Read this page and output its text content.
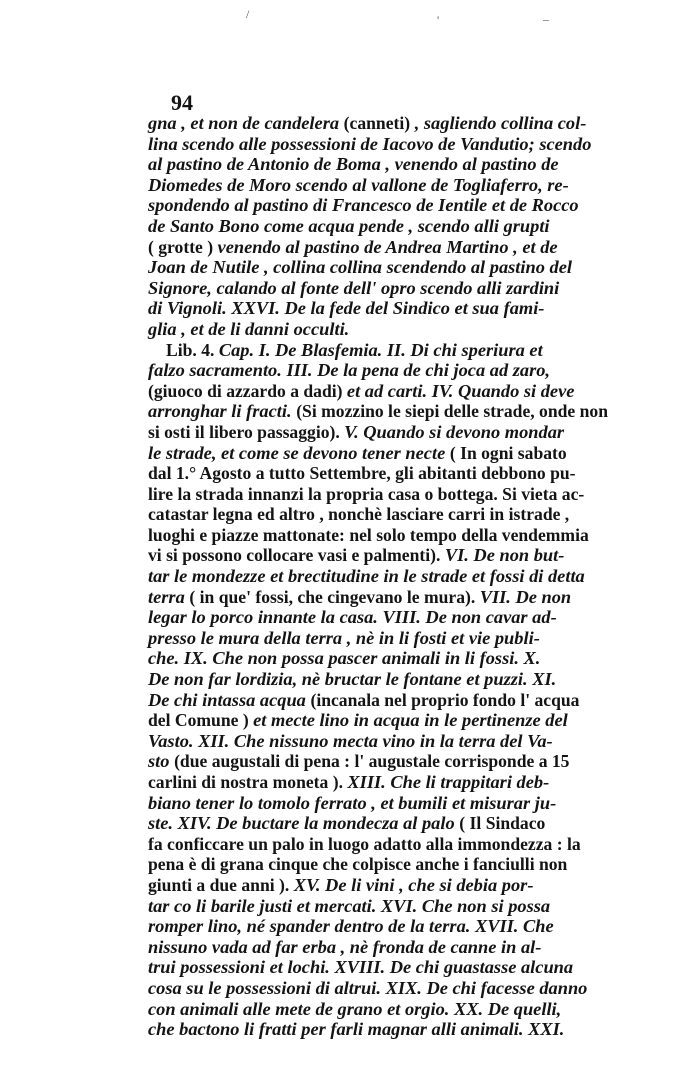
/	'	–
94
gna , et non de candelera (canneti) , sagliendo collina col-
lina scendo alle possessioni de Iacovo de Vandutio; scendo
al pastino de Antonio de Boma , venendo al pastino de
Diomedes de Moro scendo al vallone de Togliaferro, re-
spondendo al pastino di Francesco de Ientile et de Rocco
de Santo Bono come acqua pende , scendo alli grupti
( grotte ) venendo al pastino de Andrea Martino , et de
Joan de Nutile , collina collina scendendo al pastino del
Signore, calando al fonte dell' opro scendo alli zardini
di Vignoli. XXVI. De la fede del Sindico et sua fami-
glia , et de li danni occulti.
Lib. 4. Cap. I. De Blasfemia. II. Di chi speriura et
falzo sacramento. III. De la pena de chi joca ad zaro,
(giuoco di azzardo a dadi) et ad carti. IV. Quando si deve
arronghar li fracti. (Si mozzino le siepi delle strade, onde non
si osti il libero passaggio). V. Quando si devono mondar
le strade, et come se devono tener necte ( In ogni sabato
dal 1.° Agosto a tutto Settembre, gli abitanti debbono pu-
lire la strada innanzi la propria casa o bottega. Si vieta ac-
catastar legna ed altro , nonchè lasciare carri in istrade ,
luoghi e piazze mattonate: nel solo tempo della vendemmia
vi si possono collocare vasi e palmenti). VI. De non but-
tar le mondezze et brectitudine in le strade et fossi di detta
terra ( in que' fossi, che cingevano le mura). VII. De non
legar lo porco innante la casa. VIII. De non cavar ad-
presso le mura della terra , nè in li fosti et vie publi-
che. IX. Che non possa pascer animali in li fossi. X.
De non far lordizia, nè bructar le fontane et puzzi. XI.
De chi intassa acqua (incanala nel proprio fondo l' acqua
del Comune ) et mecte lino in acqua in le pertinenze del
Vasto. XII. Che nissuno mecta vino in la terra del Va-
sto (due augustali di pena : l' augustale corrisponde a 15
carlini di nostra moneta ). XIII. Che li trappitari deb-
biano tener lo tomolo ferrato , et bumili et misurar ju-
ste. XIV. De buctare la mondecza al palo ( Il Sindaco
fa conficcare un palo in luogo adatto alla immondezza : la
pena è di grana cinque che colpisce anche i fanciulli non
giunti a due anni ). XV. De li vini , che si debia por-
tar co li barile justi et mercati. XVI. Che non si possa
romper lino, né spander dentro de la terra. XVII. Che
nissuno vada ad far erba , nè fronda de canne in al-
trui possessioni et lochi. XVIII. De chi guastasse alcuna
cosa su le possessioni di altrui. XIX. De chi facesse danno
con animali alle mete de grano et orgio. XX. De quelli,
che bactono li fratti per farli magnar alli animali. XXI.
